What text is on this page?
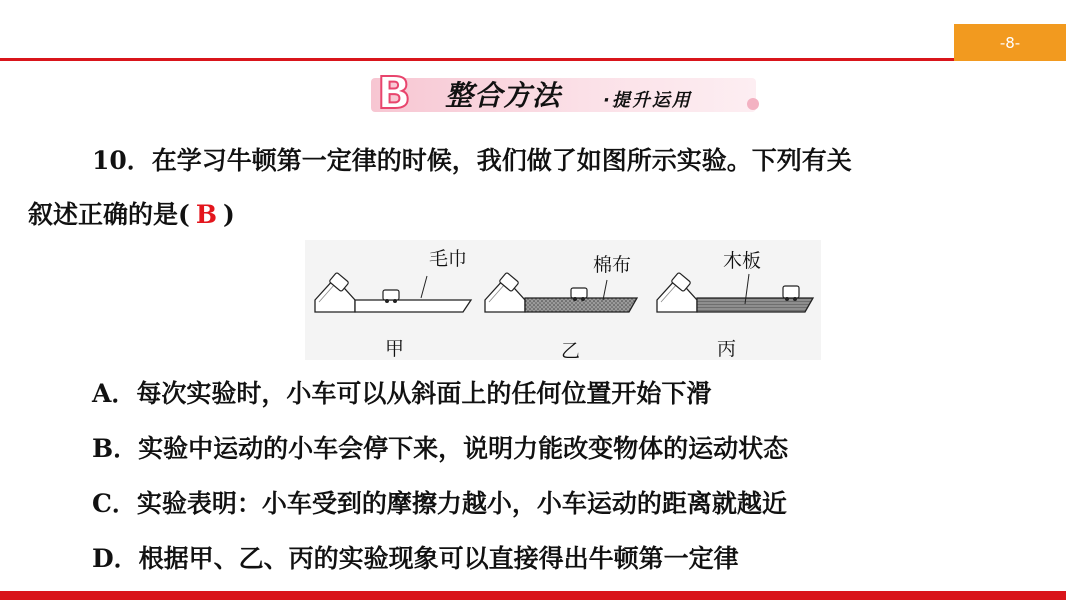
-8-
B	整合方法 ·提升运用
10．在学习牛顿第一定律的时候，我们做了如图所示实验。下列有关
叙述正确的是( B )
毛巾	棉布	木板
甲	乙	丙
A．每次实验时，小车可以从斜面上的任何位置开始下滑
B．实验中运动的小车会停下来，说明力能改变物体的运动状态
C．实验表明：小车受到的摩擦力越小，小车运动的距离就越近
D．根据甲、乙、丙的实验现象可以直接得出牛顿第一定律
